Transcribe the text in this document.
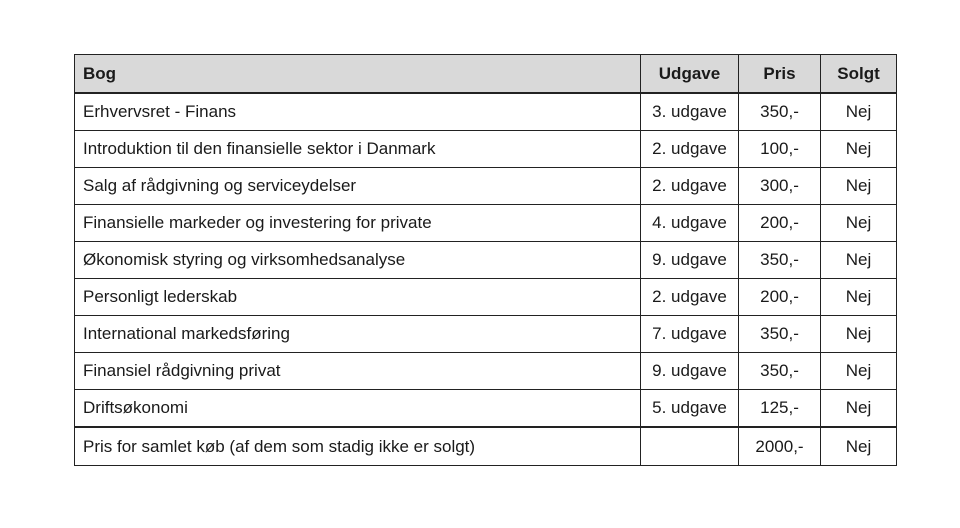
Bog	Udgave	Pris	Solgt
Erhvervsret - Finans	3. udgave	350,-	Nej
Introduktion til den finansielle sektor i Danmark	2. udgave	100,-	Nej
Salg af rådgivning og serviceydelser	2. udgave	300,-	Nej
Finansielle markeder og investering for private	4. udgave	200,-	Nej
Økonomisk styring og virksomhedsanalyse	9. udgave	350,-	Nej
Personligt lederskab	2. udgave	200,-	Nej
International markedsføring	7. udgave	350,-	Nej
Finansiel rådgivning privat	9. udgave	350,-	Nej
Driftsøkonomi	5. udgave	125,-	Nej
Pris for samlet køb (af dem som stadig ikke er solgt)		2000,-	Nej
